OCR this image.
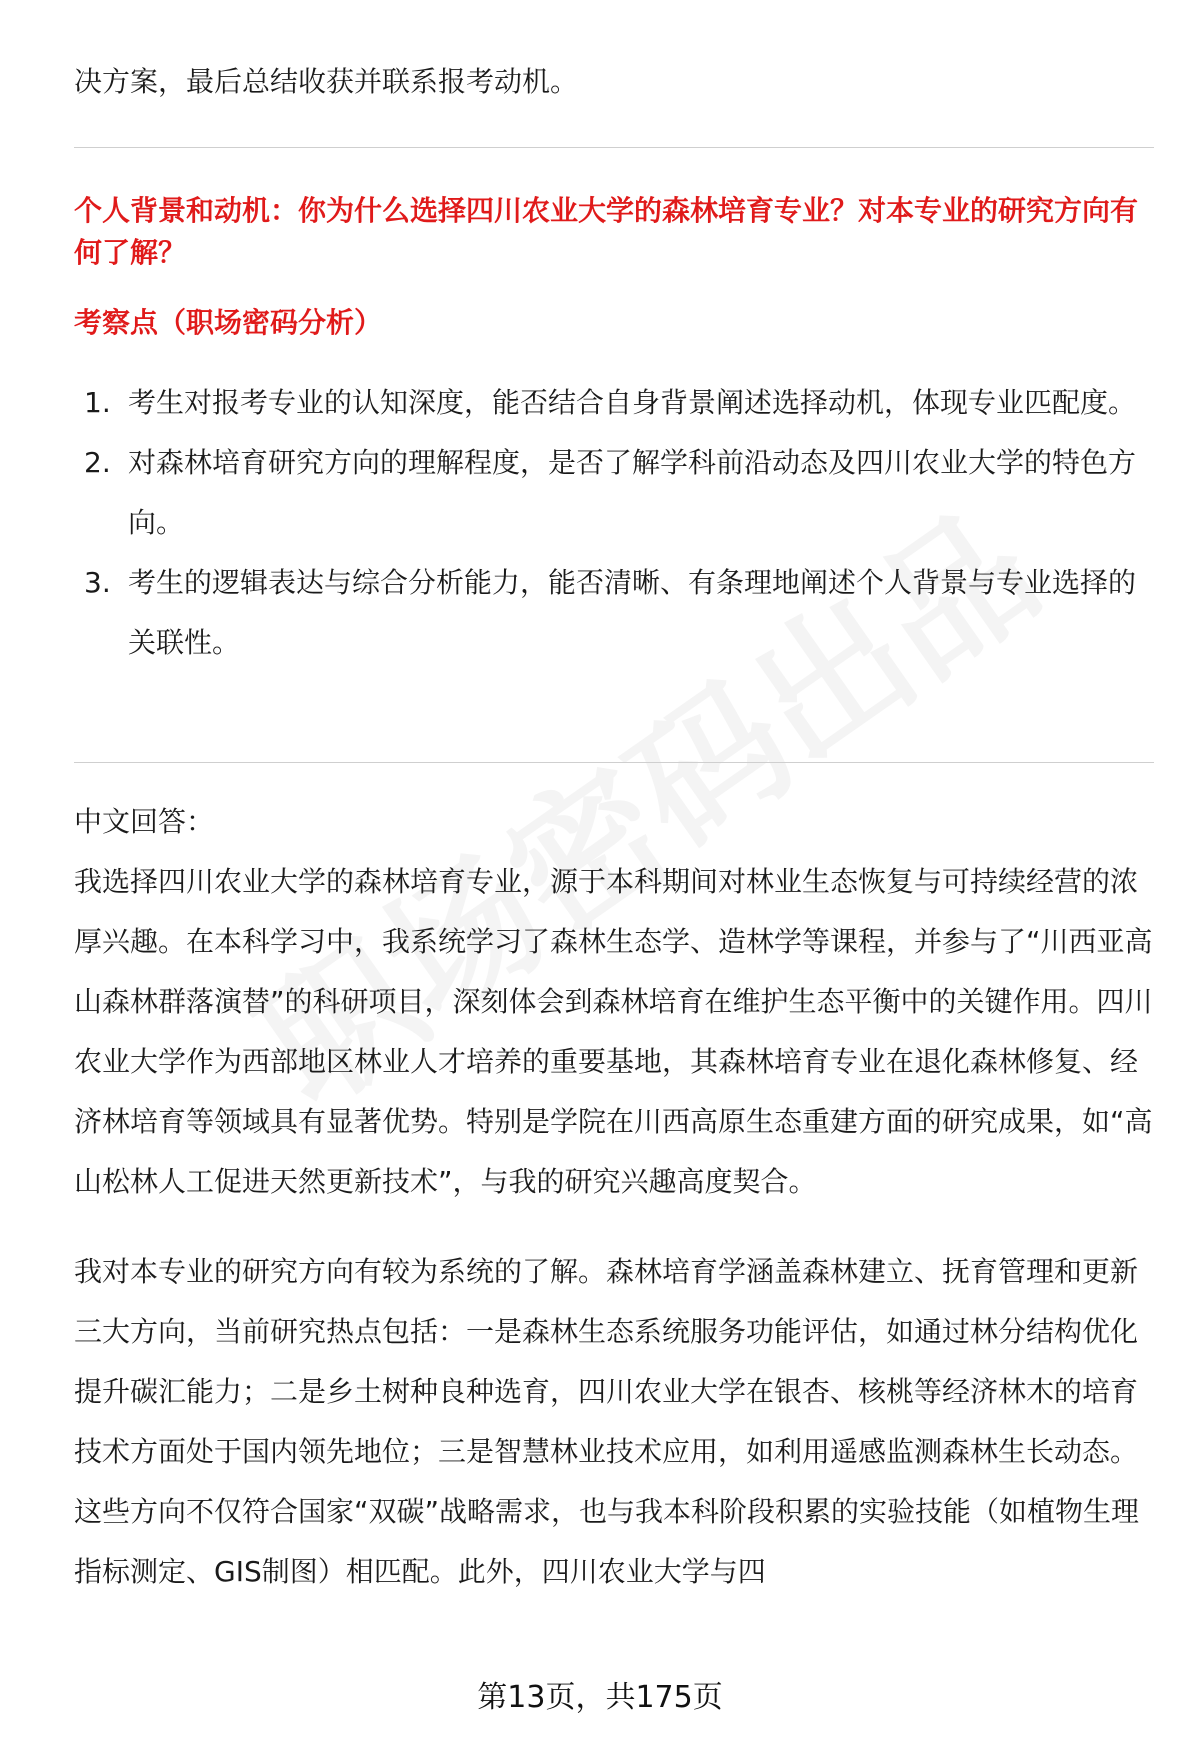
决方案，最后总结收获并联系报考动机。

个人背景和动机：你为什么选择四川农业大学的森林培育专业？对本专业的研究方向有何了解？
考察点（职场密码分析）
1. 考生对报考专业的认知深度，能否结合自身背景阐述选择动机，体现专业匹配度。
2. 对森林培育研究方向的理解程度，是否了解学科前沿动态及四川农业大学的特色方向。
3. 考生的逻辑表达与综合分析能力，能否清晰、有条理地阐述个人背景与专业选择的关联性。

中文回答：

我选择四川农业大学的森林培育专业，源于本科期间对林业生态恢复与可持续经营的浓厚兴趣。在本科学习中，我系统学习了森林生态学、造林学等课程，并参与了“川西亚高山森林群落演替”的科研项目，深刻体会到森林培育在维护生态平衡中的关键作用。四川农业大学作为西部地区林业人才培养的重要基地，其森林培育专业在退化森林修复、经济林培育等领域具有显著优势。特别是学院在川西高原生态重建方面的研究成果，如“高山松林人工促进天然更新技术”，与我的研究兴趣高度契合。

我对本专业的研究方向有较为系统的了解。森林培育学涵盖森林建立、抚育管理和更新三大方向，当前研究热点包括：一是森林生态系统服务功能评估，如通过林分结构优化提升碳汇能力；二是乡土树种良种选育，四川农业大学在银杏、核桃等经济林木的培育技术方面处于国内领先地位；三是智慧林业技术应用，如利用遥感监测森林生长动态。这些方向不仅符合国家“双碳”战略需求，也与我本科阶段积累的实验技能（如植物生理指标测定、GIS制图）相匹配。此外，四川农业大学与四

第13页，共175页
